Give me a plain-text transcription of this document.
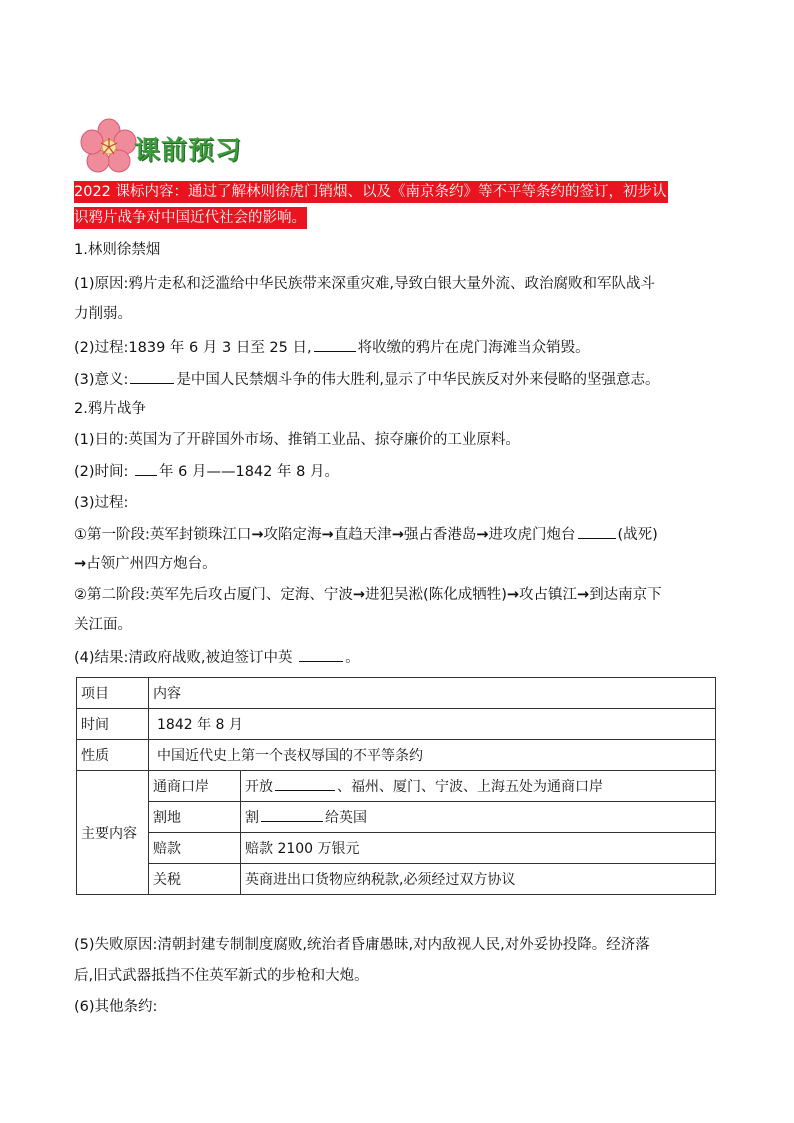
课前预习
2022 课标内容：通过了解林则徐虎门销烟、以及《南京条约》等不平等条约的签订，初步认
识鸦片战争对中国近代社会的影响。
1.林则徐禁烟
(1)原因:鸦片走私和泛滥给中华民族带来深重灾难,导致白银大量外流、政治腐败和军队战斗
力削弱。
(2)过程:1839 年 6 月 3 日至 25 日,	将收缴的鸦片在虎门海滩当众销毁。
(3)意义:	是中国人民禁烟斗争的伟大胜利,显示了中华民族反对外来侵略的坚强意志。
2.鸦片战争
(1)日的:英国为了开辟国外市场、推销工业品、掠夺廉价的工业原料。
(2)时间: 年 6 月——1842 年 8 月。
(3)过程:
①第一阶段:英军封锁珠江口→攻陷定海→直趋天津→强占香港岛→进攻虎门炮台	(战死)
→占领广州四方炮台。
②第二阶段:英军先后攻占厦门、定海、宁波→进犯吴淞(陈化成牺牲)→攻占镇江→到达南京下
关江面。
(4)结果:清政府战败,被迫签订中英	。
项目	内容	
时间	1842 年 8 月	
性质	中国近代史上第一个丧权辱国的不平等条约	
主要内容	通商口岸	开放 、福州、厦门、宁波、上海五处为通商口岸
	割地	割 给英国
	赔款	赔款 2100 万银元
	关税	英商进出口货物应纳税款,必须经过双方协议
(5)失败原因:清朝封建专制制度腐败,统治者昏庸愚昧,对内敌视人民,对外妥协投降。经济落
后,旧式武器抵挡不住英军新式的步枪和大炮。
(6)其他条约:
